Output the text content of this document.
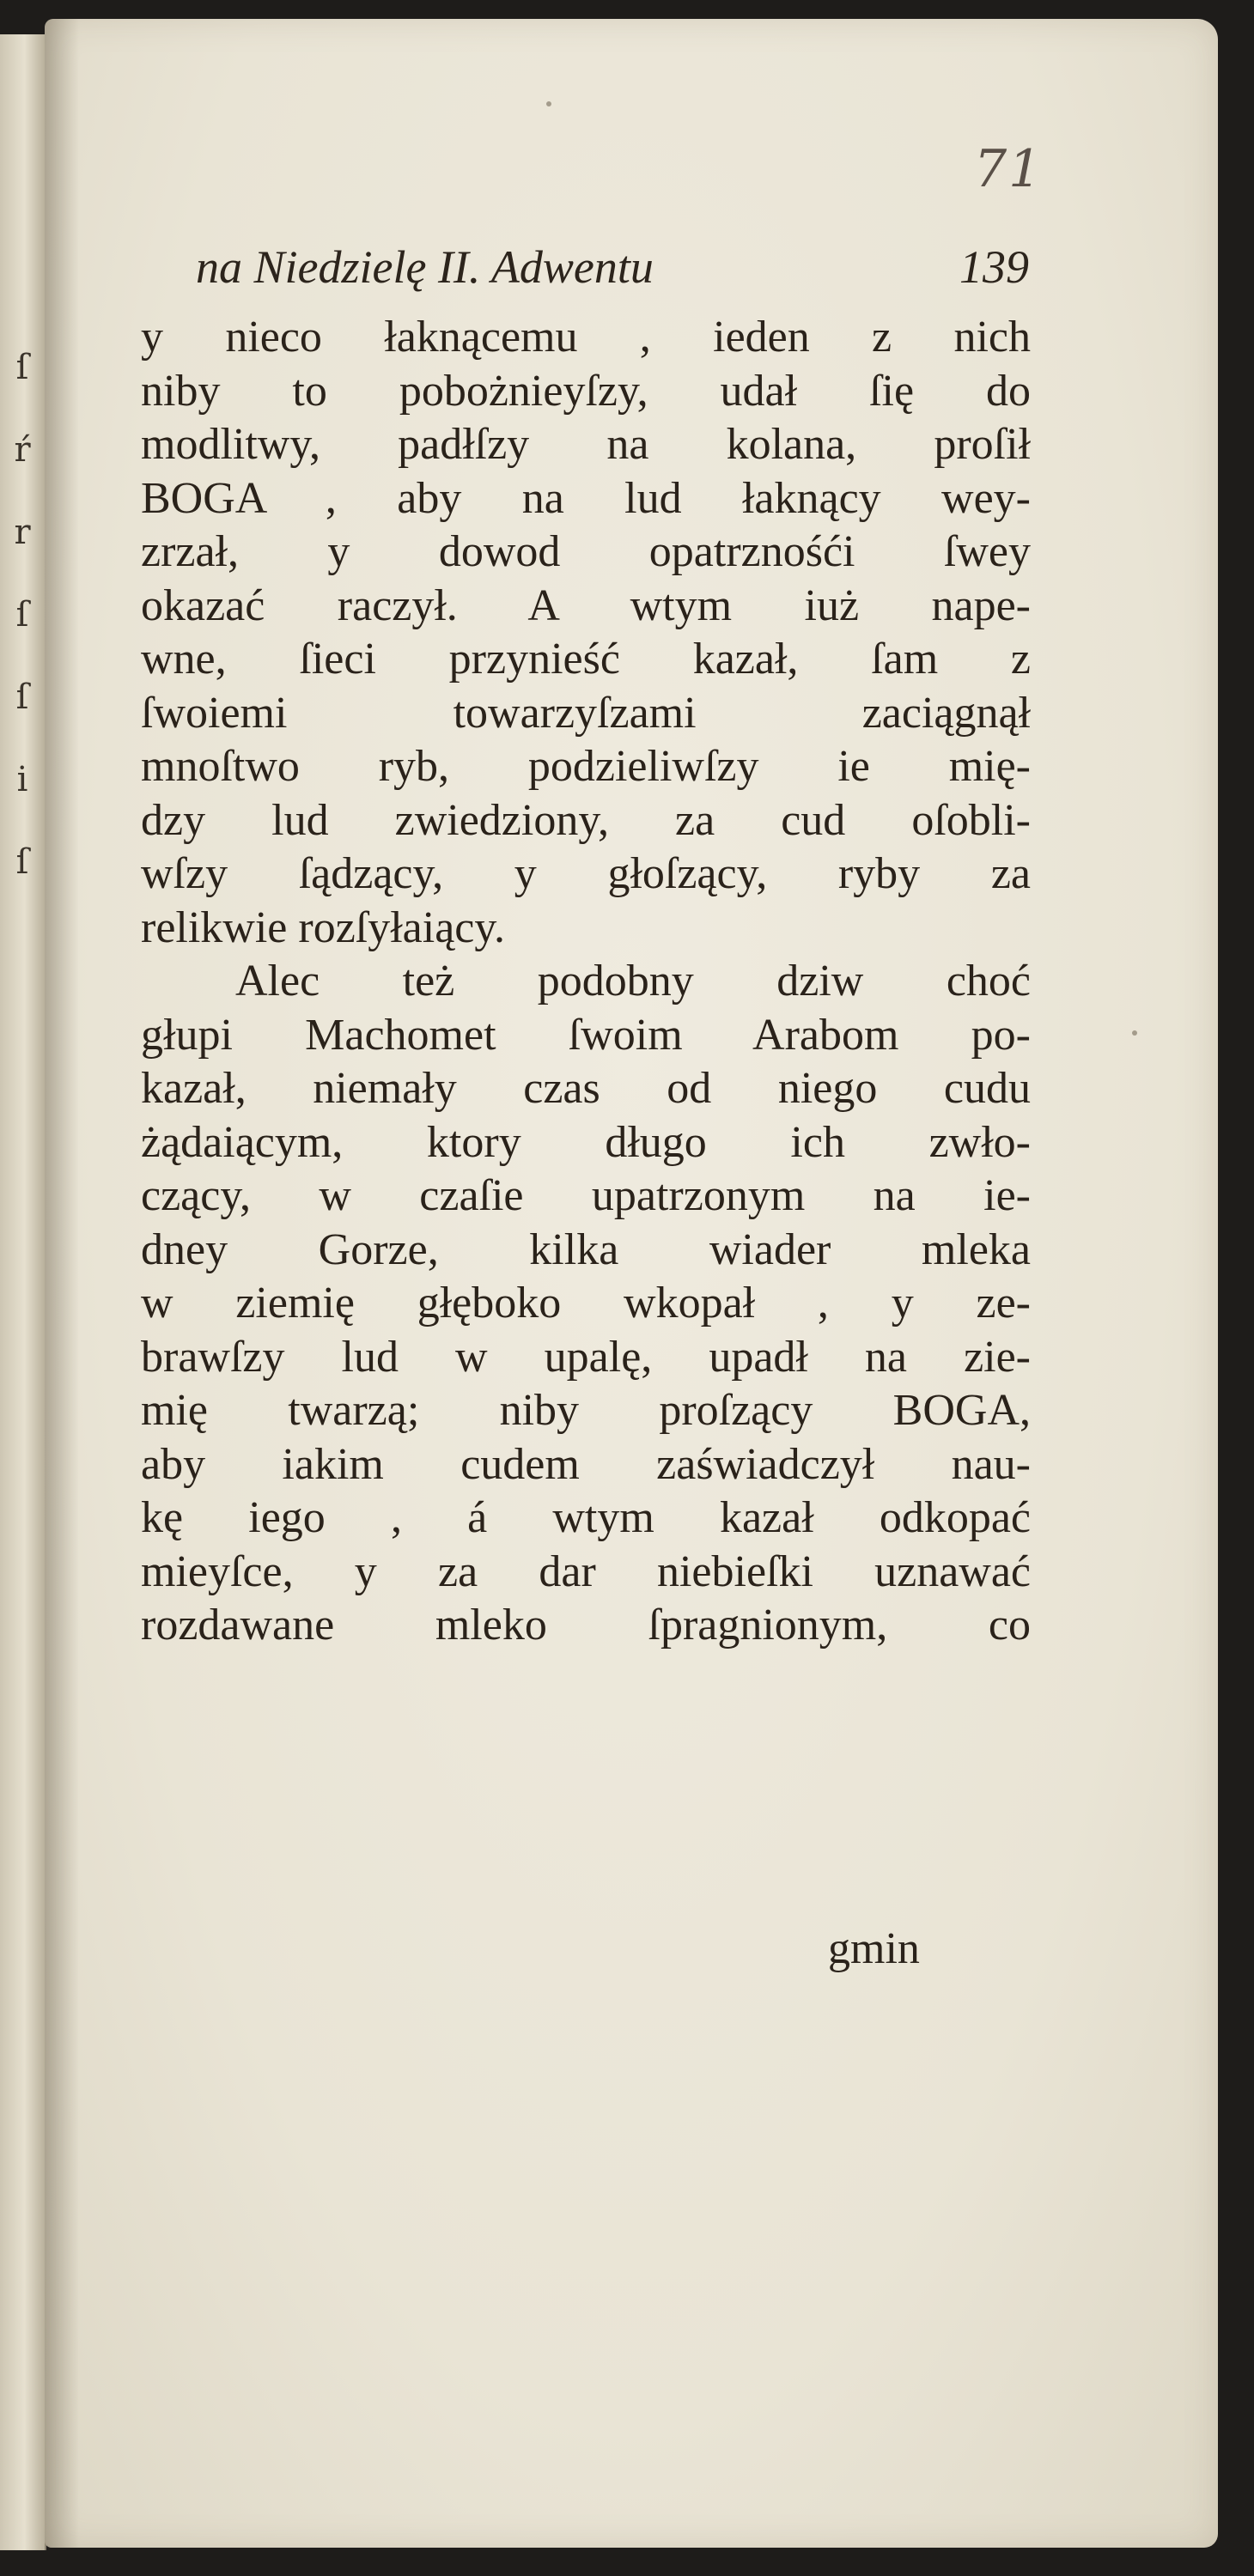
ſ
ŕ
r
ſ
ſ
i
ſ
71
na Niedzielę II. Adwentu	139
y nieco łaknącemu , ieden z nich
niby to pobożnieyſzy, udał ſię do
modlitwy, padłſzy na kolana, proſił
BOGA , aby na lud łaknący wey-
zrzał, y dowod opatrznośći ſwey
okazać raczył. A wtym iuż nape-
wne, ſieci przynieść kazał, ſam z
ſwoiemi towarzyſzami zaciągnął
mnoſtwo ryb, podzieliwſzy ie mię-
dzy lud zwiedziony, za cud oſobli-
wſzy ſądzący, y głoſzący, ryby za
relikwie rozſyłaiący.
Alec też podobny dziw choć
głupi Machomet ſwoim Arabom po-
kazał, niemały czas od niego cudu
żądaiącym, ktory długo ich zwło-
czący, w czaſie upatrzonym na ie-
dney Gorze, kilka wiader mleka
w ziemię głęboko wkopał , y ze-
brawſzy lud w upalę, upadł na zie-
mię twarzą; niby proſzący BOGA,
aby iakim cudem zaświadczył nau-
kę iego , á wtym kazał odkopać
mieyſce, y za dar niebieſki uznawać
rozdawane mleko ſpragnionym, co
gmin
